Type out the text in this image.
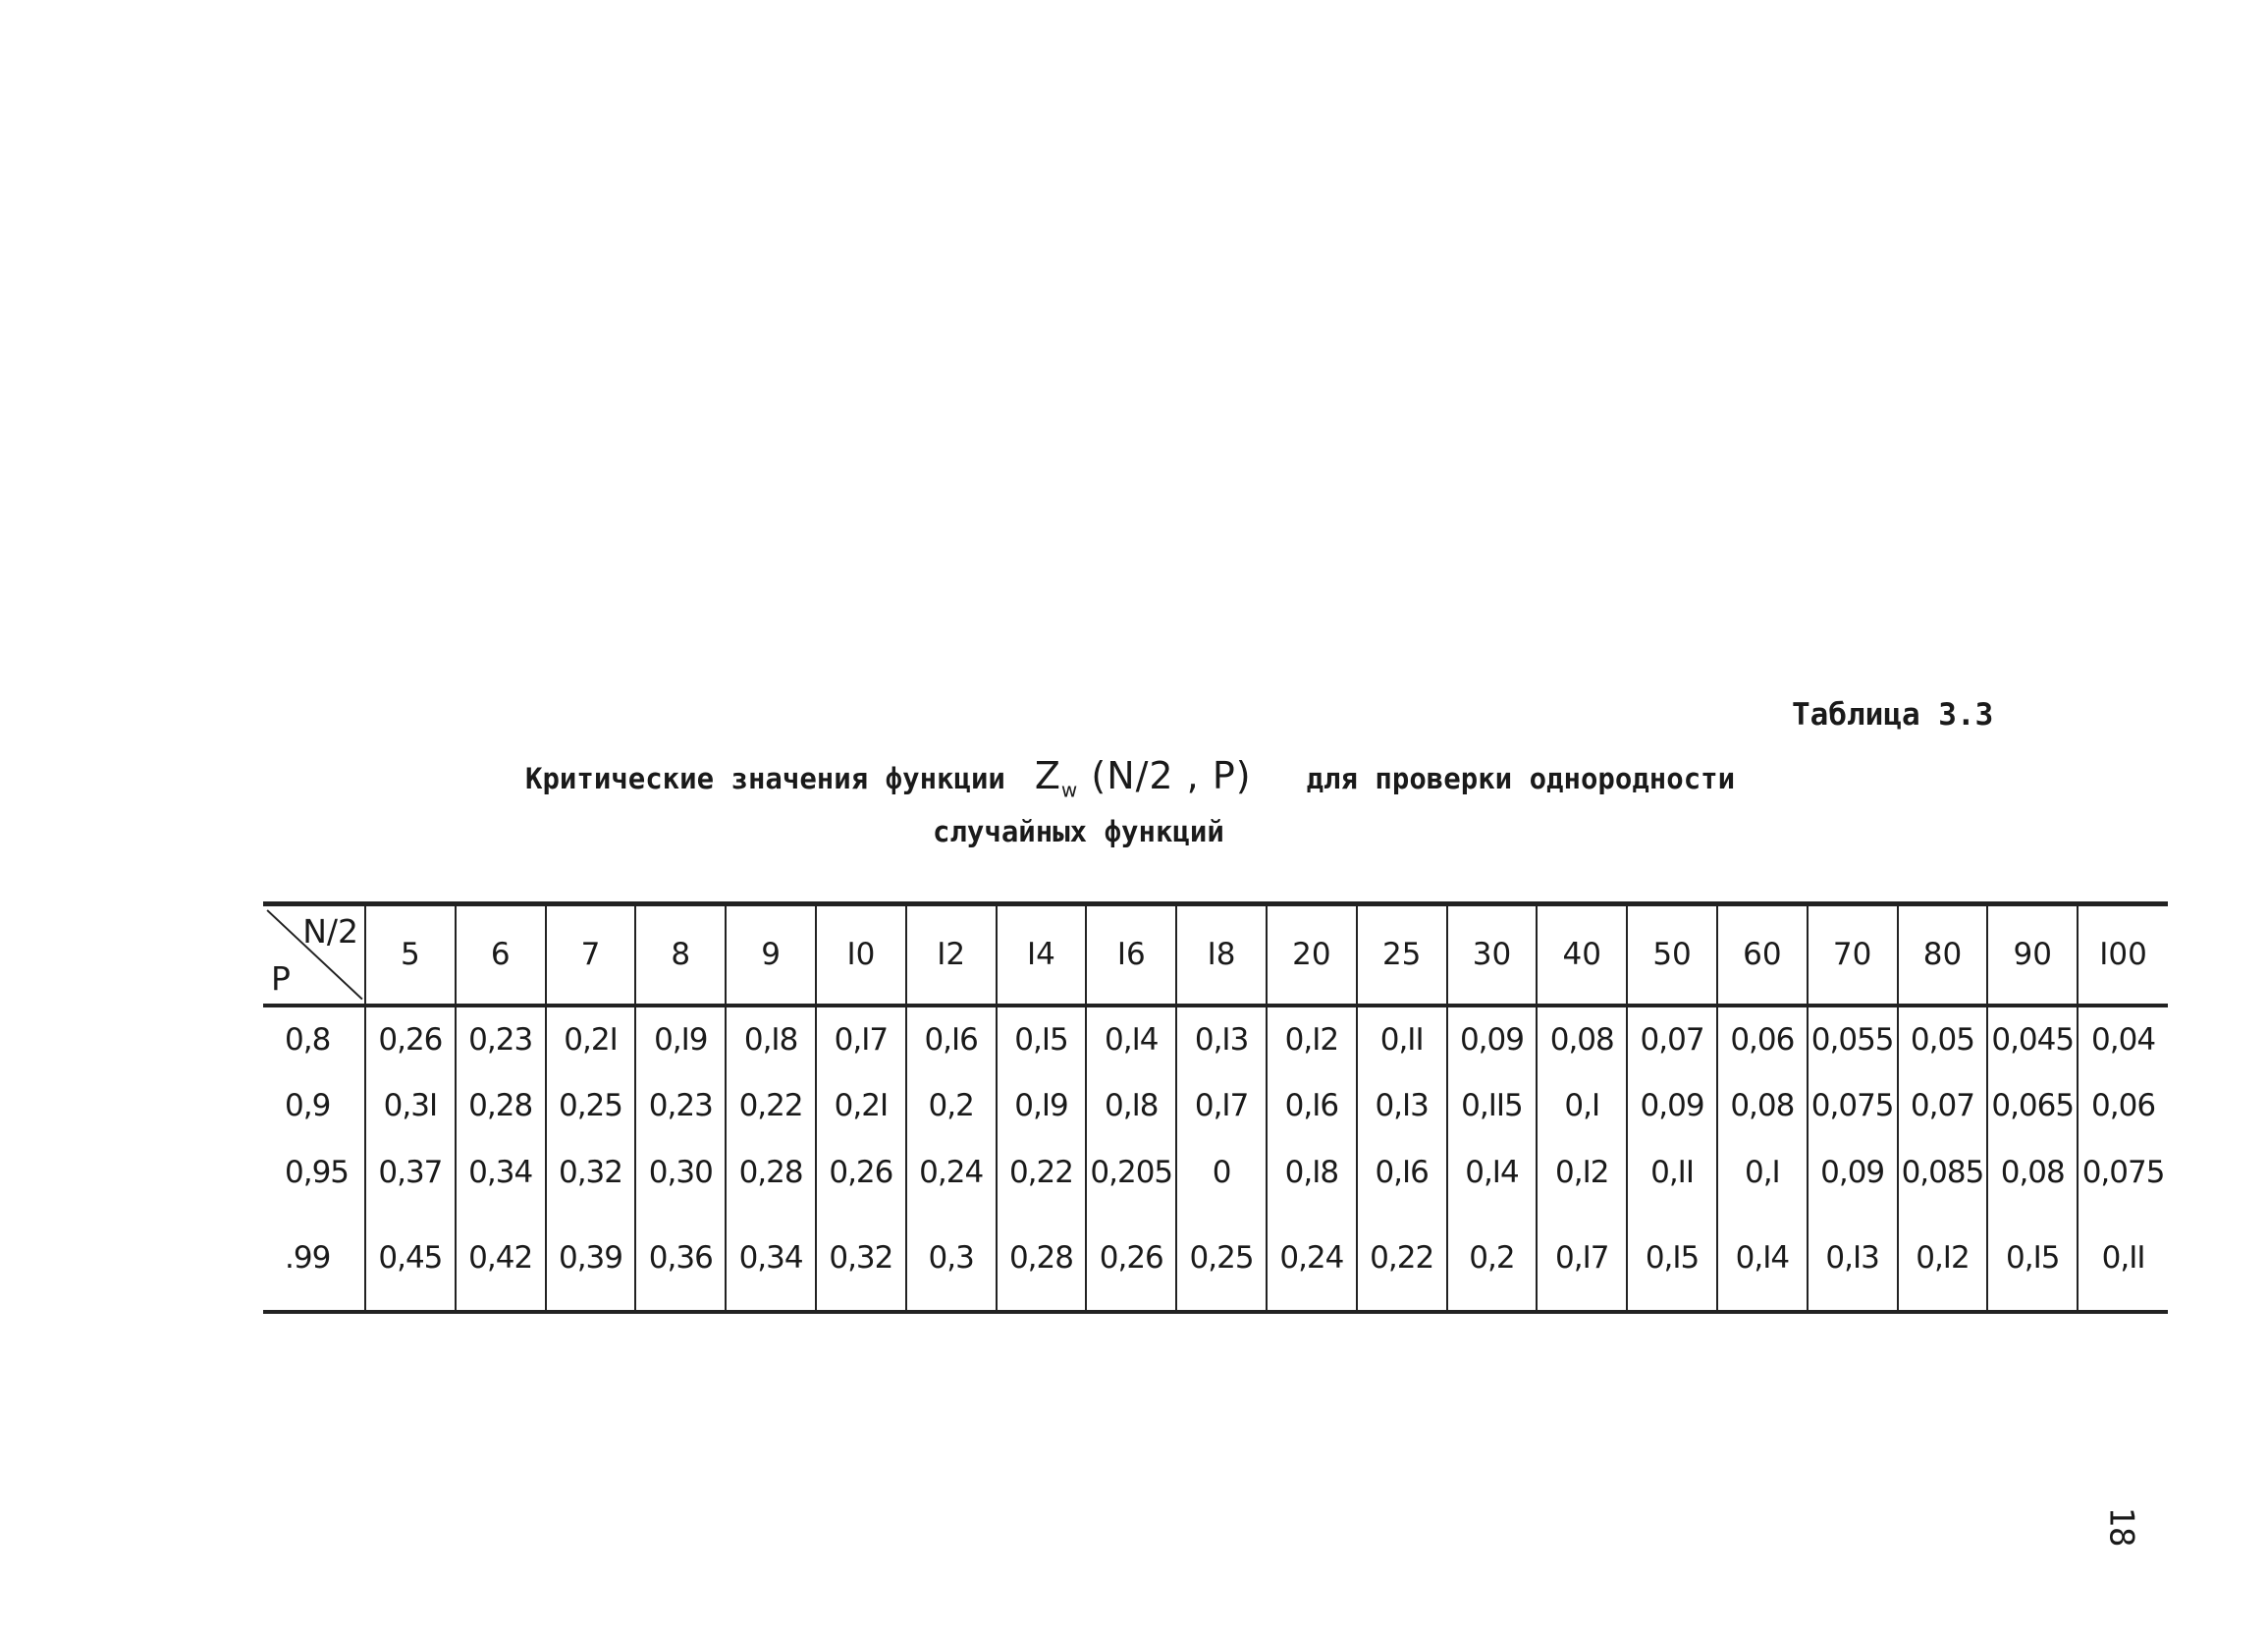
Таблица 3.3
Критические значения функции $Z_w$ (N/2 , P) для проверки однородности
случайных функций
N/2
P	5	6	7	8	9	I0	I2	I4	I6	I8	20	25	30	40	50	60	70	80	90	I00
0,8	0,26	0,23	0,2I	0,I9	0,I8	0,I7	0,I6	0,I5	0,I4	0,I3	0,I2	0,II	0,09	0,08	0,07	0,06	0,055	0,05	0,045	0,04
0,9	0,3I	0,28	0,25	0,23	0,22	0,2I	0,2	0,I9	0,I8	0,I7	0,I6	0,I3	0,II5	0,I	0,09	0,08	0,075	0,07	0,065	0,06
0,95	0,37	0,34	0,32	0,30	0,28	0,26	0,24	0,22	0,205	0	0,I8	0,I6	0,I4	0,I2	0,II	0,I	0,09	0,085	0,08	0,075
.99	0,45	0,42	0,39	0,36	0,34	0,32	0,3	0,28	0,26	0,25	0,24	0,22	0,2	0,I7	0,I5	0,I4	0,I3	0,I2	0,I5	0,II
18
